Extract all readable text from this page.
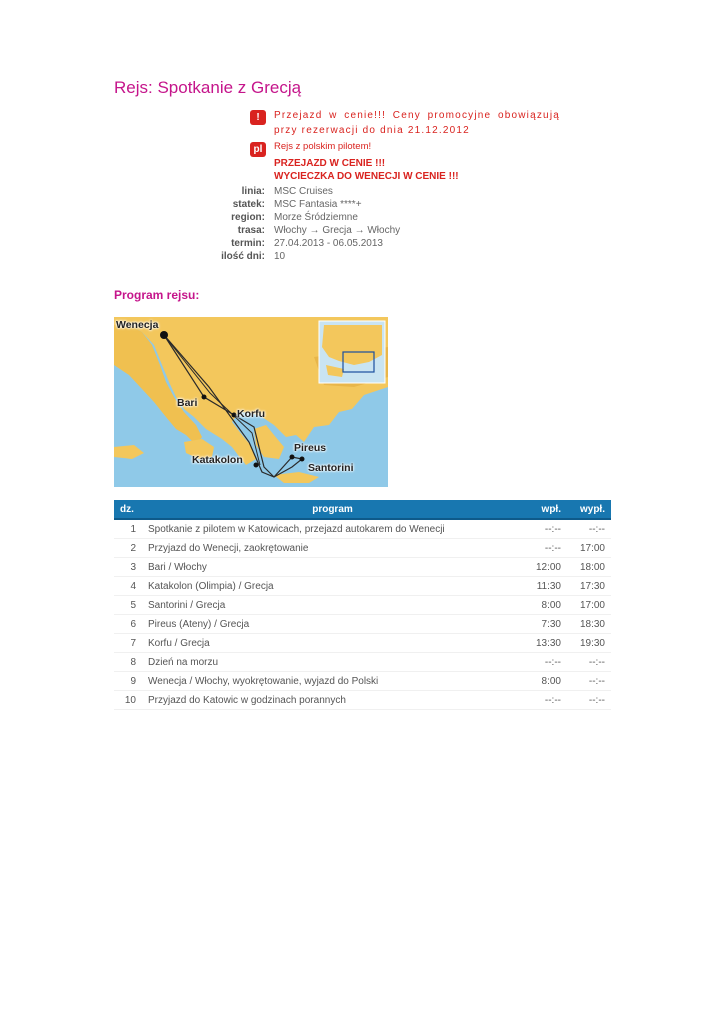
Rejs: Spotkanie z Grecją
!	Przejazd w cenie!!! Ceny promocyjne obowiązują przy rezerwacji do dnia 21.12.2012
pl	Rejs z polskim pilotem!
PRZEJAZD W CENIE !!!
WYCIECZKA DO WENECJI W CENIE !!!
linia: MSC Cruises
statek: MSC Fantasia ****+
region: Morze Śródziemne
trasa: Włochy → Grecja → Włochy
termin: 27.04.2013 - 06.05.2013
ilość dni: 10
Program rejsu:
Wenecja
Bari
Korfu
Pireus
Katakolon
Santorini
dz.	program	wpł.	wypł.
1	Spotkanie z pilotem w Katowicach, przejazd autokarem do Wenecji	--:--	--:--
2	Przyjazd do Wenecji, zaokrętowanie	--:--	17:00
3	Bari / Włochy	12:00	18:00
4	Katakolon (Olimpia) / Grecja	11:30	17:30
5	Santorini / Grecja	8:00	17:00
6	Pireus (Ateny) / Grecja	7:30	18:30
7	Korfu / Grecja	13:30	19:30
8	Dzień na morzu	--:--	--:--
9	Wenecja / Włochy, wyokrętowanie, wyjazd do Polski	8:00	--:--
10	Przyjazd do Katowic w godzinach porannych	--:--	--:--
